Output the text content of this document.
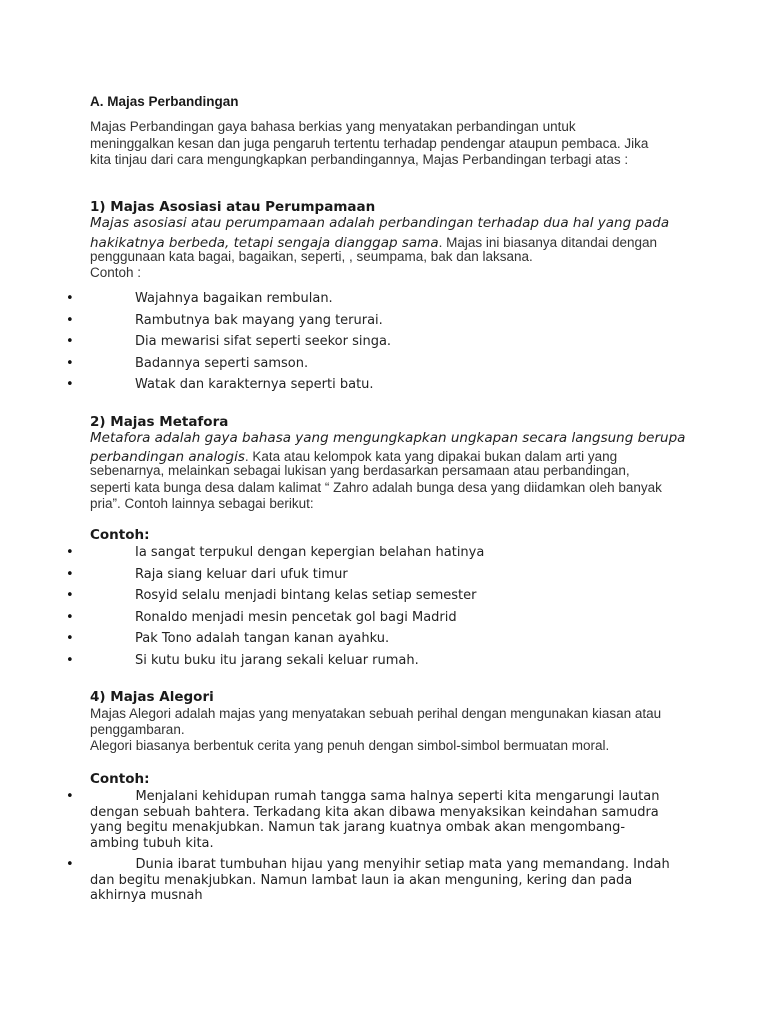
A. Majas Perbandingan
Majas Perbandingan gaya bahasa berkias yang menyatakan perbandingan untuk
meninggalkan kesan dan juga pengaruh tertentu terhadap pendengar ataupun pembaca. Jika
kita tinjau dari cara mengungkapkan perbandingannya, Majas Perbandingan terbagi atas :
1) Majas Asosiasi atau Perumpamaan
Majas asosiasi atau perumpamaan adalah perbandingan terhadap dua hal yang pada
hakikatnya berbeda, tetapi sengaja dianggap sama. Majas ini biasanya ditandai dengan
penggunaan kata bagai, bagaikan, seperti, , seumpama, bak dan laksana.
Contoh :
•	Wajahnya bagaikan rembulan.
•	Rambutnya bak mayang yang terurai.
•	Dia mewarisi sifat seperti seekor singa.
•	Badannya seperti samson.
•	Watak dan karakternya seperti batu.
2) Majas Metafora
Metafora adalah gaya bahasa yang mengungkapkan ungkapan secara langsung berupa
perbandingan analogis. Kata atau kelompok kata yang dipakai bukan dalam arti yang
sebenarnya, melainkan sebagai lukisan yang berdasarkan persamaan atau perbandingan,
seperti kata bunga desa dalam kalimat “ Zahro adalah bunga desa yang diidamkan oleh banyak
pria”. Contoh lainnya sebagai berikut:
Contoh:
•	Ia sangat terpukul dengan kepergian belahan hatinya
•	Raja siang keluar dari ufuk timur
•	Rosyid selalu menjadi bintang kelas setiap semester
•	Ronaldo menjadi mesin pencetak gol bagi Madrid
•	Pak Tono adalah tangan kanan ayahku.
•	Si kutu buku itu jarang sekali keluar rumah.
4) Majas Alegori
Majas Alegori adalah majas yang menyatakan sebuah perihal dengan mengunakan kiasan atau
penggambaran.
Alegori biasanya berbentuk cerita yang penuh dengan simbol-simbol bermuatan moral.
Contoh:
• Menjalani kehidupan rumah tangga sama halnya seperti kita mengarungi lautan
dengan sebuah bahtera. Terkadang kita akan dibawa menyaksikan keindahan samudra
yang begitu menakjubkan. Namun tak jarang kuatnya ombak akan mengombang-
ambing tubuh kita.
• Dunia ibarat tumbuhan hijau yang menyihir setiap mata yang memandang. Indah
dan begitu menakjubkan. Namun lambat laun ia akan menguning, kering dan pada
akhirnya musnah
